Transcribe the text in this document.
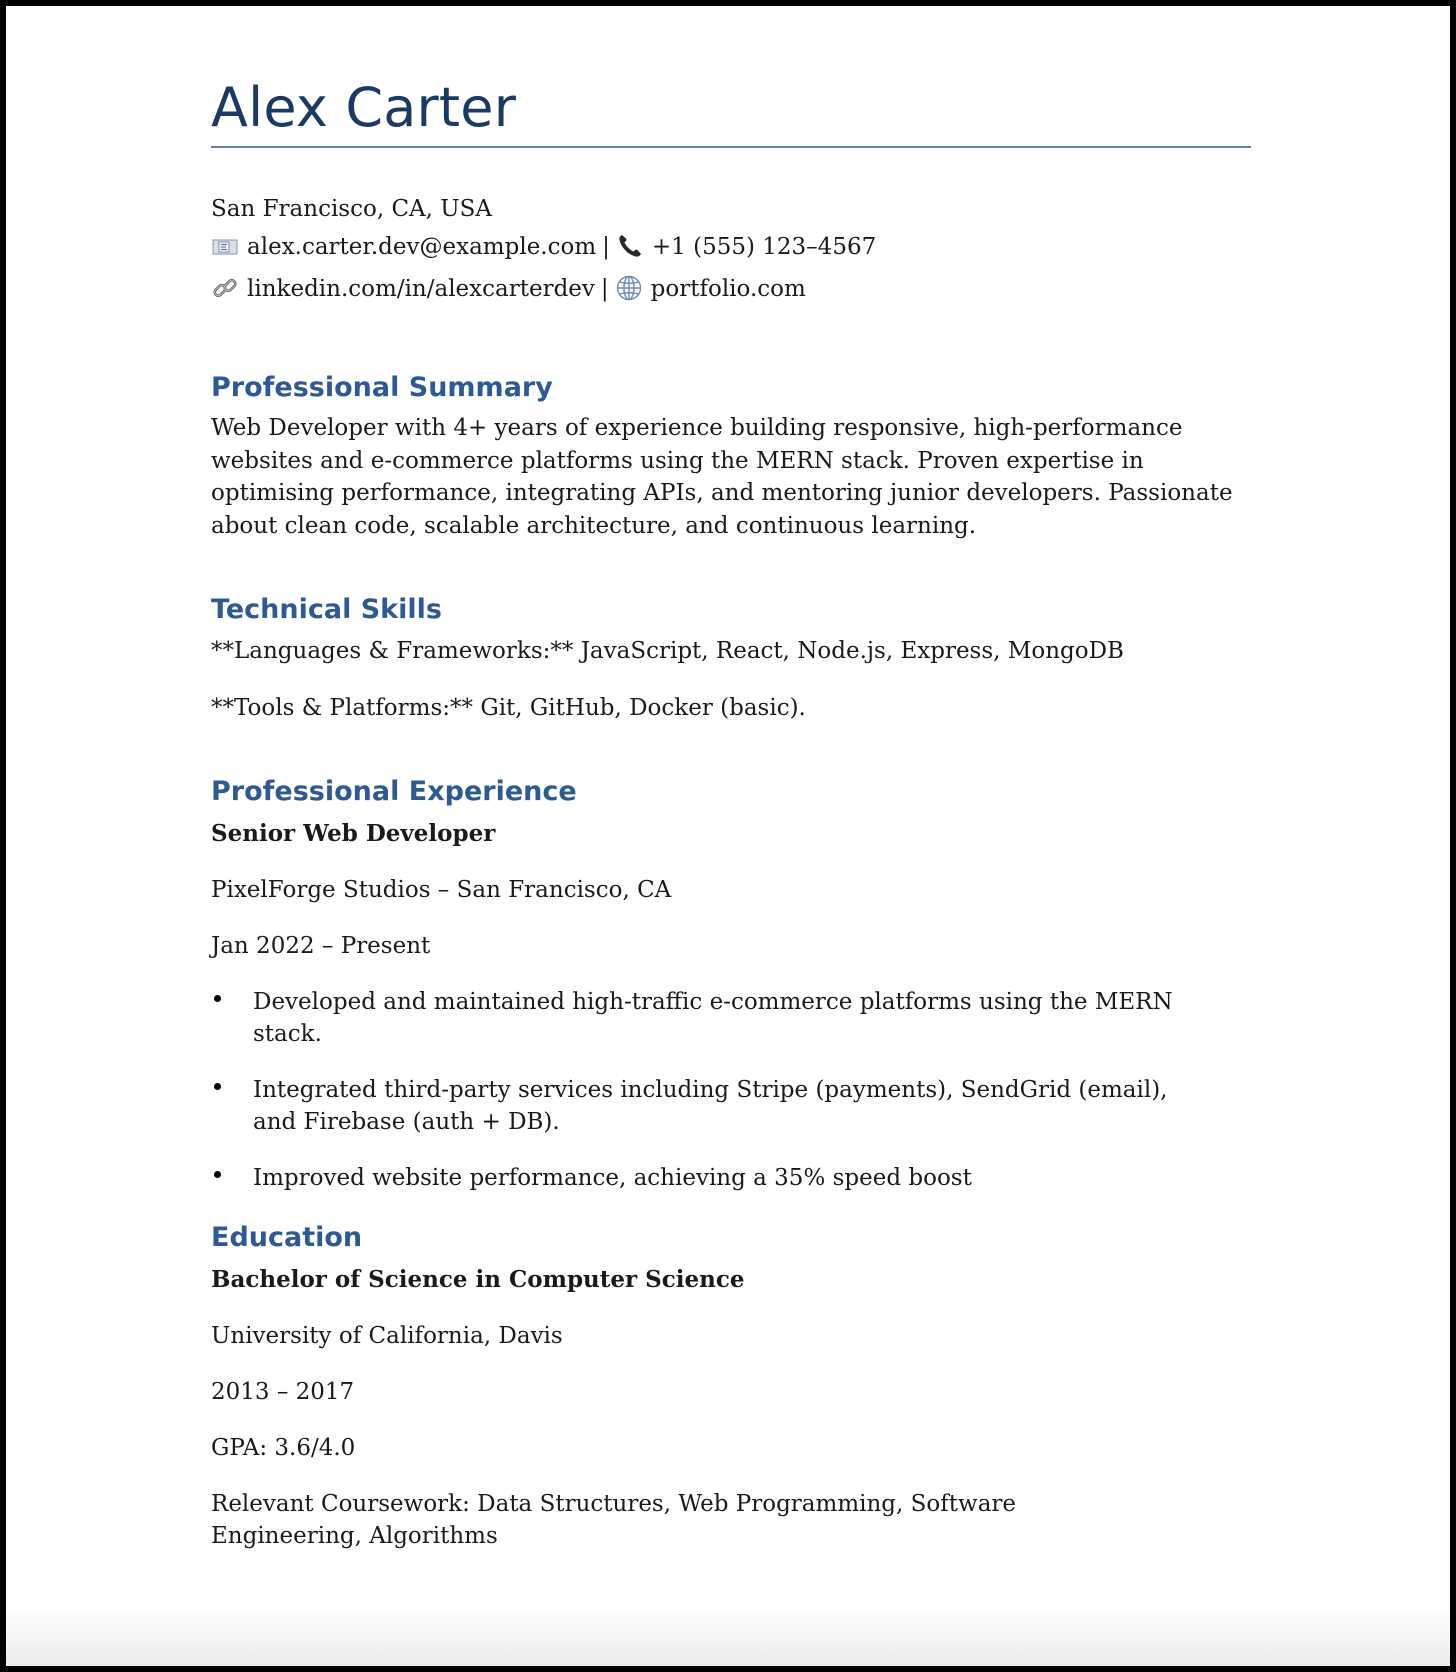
Alex Carter
San Francisco, CA, USA
alex.carter.dev@example.com | +1 (555) 123–4567
linkedin.com/in/alexcarterdev | portfolio.com
Professional Summary

Web Developer with 4+ years of experience building responsive, high-performance websites and e-commerce platforms using the MERN stack. Proven expertise in optimising performance, integrating APIs, and mentoring junior developers. Passionate about clean code, scalable architecture, and continuous learning.

Technical Skills

**Languages & Frameworks:** JavaScript, React, Node.js, Express, MongoDB

**Tools & Platforms:** Git, GitHub, Docker (basic).

Professional Experience

Senior Web Developer

PixelForge Studios – San Francisco, CA

Jan 2022 – Present

Developed and maintained high-traffic e-commerce platforms using the MERN stack.
Integrated third-party services including Stripe (payments), SendGrid (email), and Firebase (auth + DB).
Improved website performance, achieving a 35% speed boost
Education

Bachelor of Science in Computer Science

University of California, Davis

2013 – 2017

GPA: 3.6/4.0

Relevant Coursework: Data Structures, Web Programming, Software Engineering, Algorithms
